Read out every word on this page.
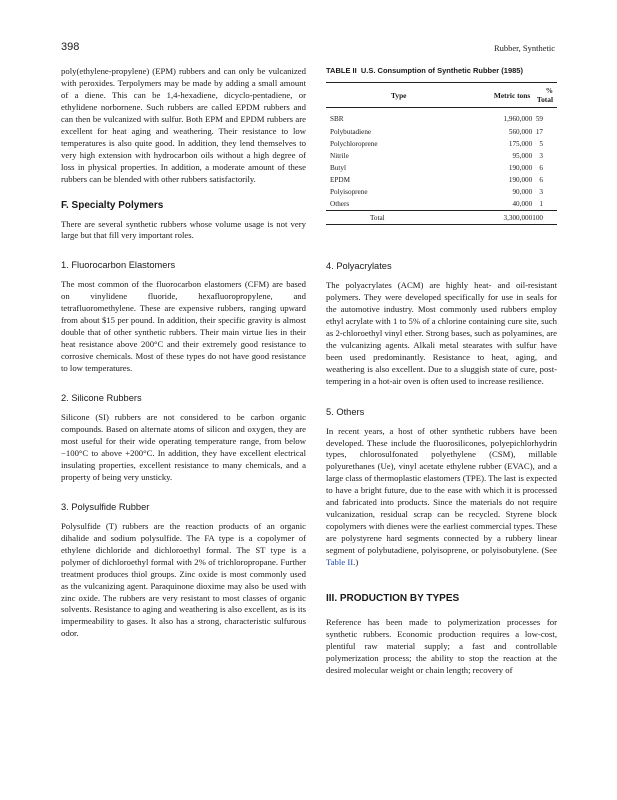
398	Rubber, Synthetic

poly(ethylene-propylene) (EPM) rubbers and can only be vulcanized with peroxides. Terpolymers may be made by adding a small amount of a diene. This can be 1,4-hexadiene, dicyclo-pentadiene, or ethylidene norbornene. Such rubbers are called EPDM rubbers and can then be vulcanized with sulfur. Both EPM and EPDM rubbers are excellent for heat aging and weathering. Their resistance to low temperatures is also quite good. In addition, they lend themselves to very high extension with hydrocarbon oils without a high degree of loss in physical properties. In addition, a moderate amount of these rubbers can be blended with other rubbers satisfactorily.

F. Specialty Polymers

There are several synthetic rubbers whose volume usage is not very large but that fill very important roles.

1. Fluorocarbon Elastomers

The most common of the fluorocarbon elastomers (CFM) are based on vinylidene fluoride, hexafluoropropylene, and tetrafluoromethylene. These are expensive rubbers, ranging upward from about $15 per pound. In addition, their specific gravity is almost double that of other synthetic rubbers. Their main virtue lies in their heat resistance above 200°C and their extremely good resistance to corrosive chemicals. Most of these types do not have good resistance to low temperatures.

2. Silicone Rubbers

Silicone (SI) rubbers are not considered to be carbon organic compounds. Based on alternate atoms of silicon and oxygen, they are most useful for their wide operating temperature range, from below −100°C to above +200°C. In addition, they have excellent electrical insulating properties, excellent resistance to many chemicals, and a property of being very unsticky.

3. Polysulfide Rubber

Polysulfide (T) rubbers are the reaction products of an organic dihalide and sodium polysulfide. The FA type is a copolymer of ethylene dichloride and dichloroethyl formal. The ST type is a polymer of dichloroethyl formal with 2% of trichloropropane. Further treatment produces thiol groups. Zinc oxide is most commonly used as the vulcanizing agent. Paraquinone dioxime may also be used with zinc oxide. The rubbers are very resistant to most classes of organic solvents. Resistance to aging and weathering is also excellent, as is its impermeability to gases. It also has a strong, characteristic sulfurous odor.

TABLE II U.S. Consumption of Synthetic Rubber (1985)
Type	Metric tons	% Total
SBR	1,960,000	59
Polybutadiene	560,000	17
Polychloroprene	175,000	5
Nitrile	95,000	3
Butyl	190,000	6
EPDM	190,000	6
Polyisoprene	90,000	3
Others	40,000	1
Total	3,300,000	100
4. Polyacrylates

The polyacrylates (ACM) are highly heat- and oil-resistant polymers. They were developed specifically for use in seals for the automotive industry. Most commonly used rubbers employ ethyl acrylate with 1 to 5% of a chlorine containing cure site, such as 2-chloroethyl vinyl ether. Strong bases, such as polyamines, are the vulcanizing agents. Alkali metal stearates with sulfur have been used predominantly. Resistance to heat, aging, and weathering is also excellent. Due to a sluggish state of cure, post-tempering in a hot-air oven is often used to increase resilience.

5. Others

In recent years, a host of other synthetic rubbers have been developed. These include the fluorosilicones, polyepichlorhydrin types, chlorosulfonated polyethylene (CSM), millable polyurethanes (Ue), vinyl acetate ethylene rubber (EVAC), and a large class of thermoplastic elastomers (TPE). The last is expected to have a bright future, due to the ease with which it is processed and fabricated into products. Since the materials do not require vulcanization, residual scrap can be recycled. Styrene block copolymers with dienes were the earliest commercial types. These are polystyrene hard segments connected by a rubbery linear segment of polybutadiene, polyisoprene, or polyisobutylene. (See Table II.)

III. PRODUCTION BY TYPES

Reference has been made to polymerization processes for synthetic rubbers. Economic production requires a low-cost, plentiful raw material supply; a fast and controllable polymerization process; the ability to stop the reaction at the desired molecular weight or chain length; recovery of
